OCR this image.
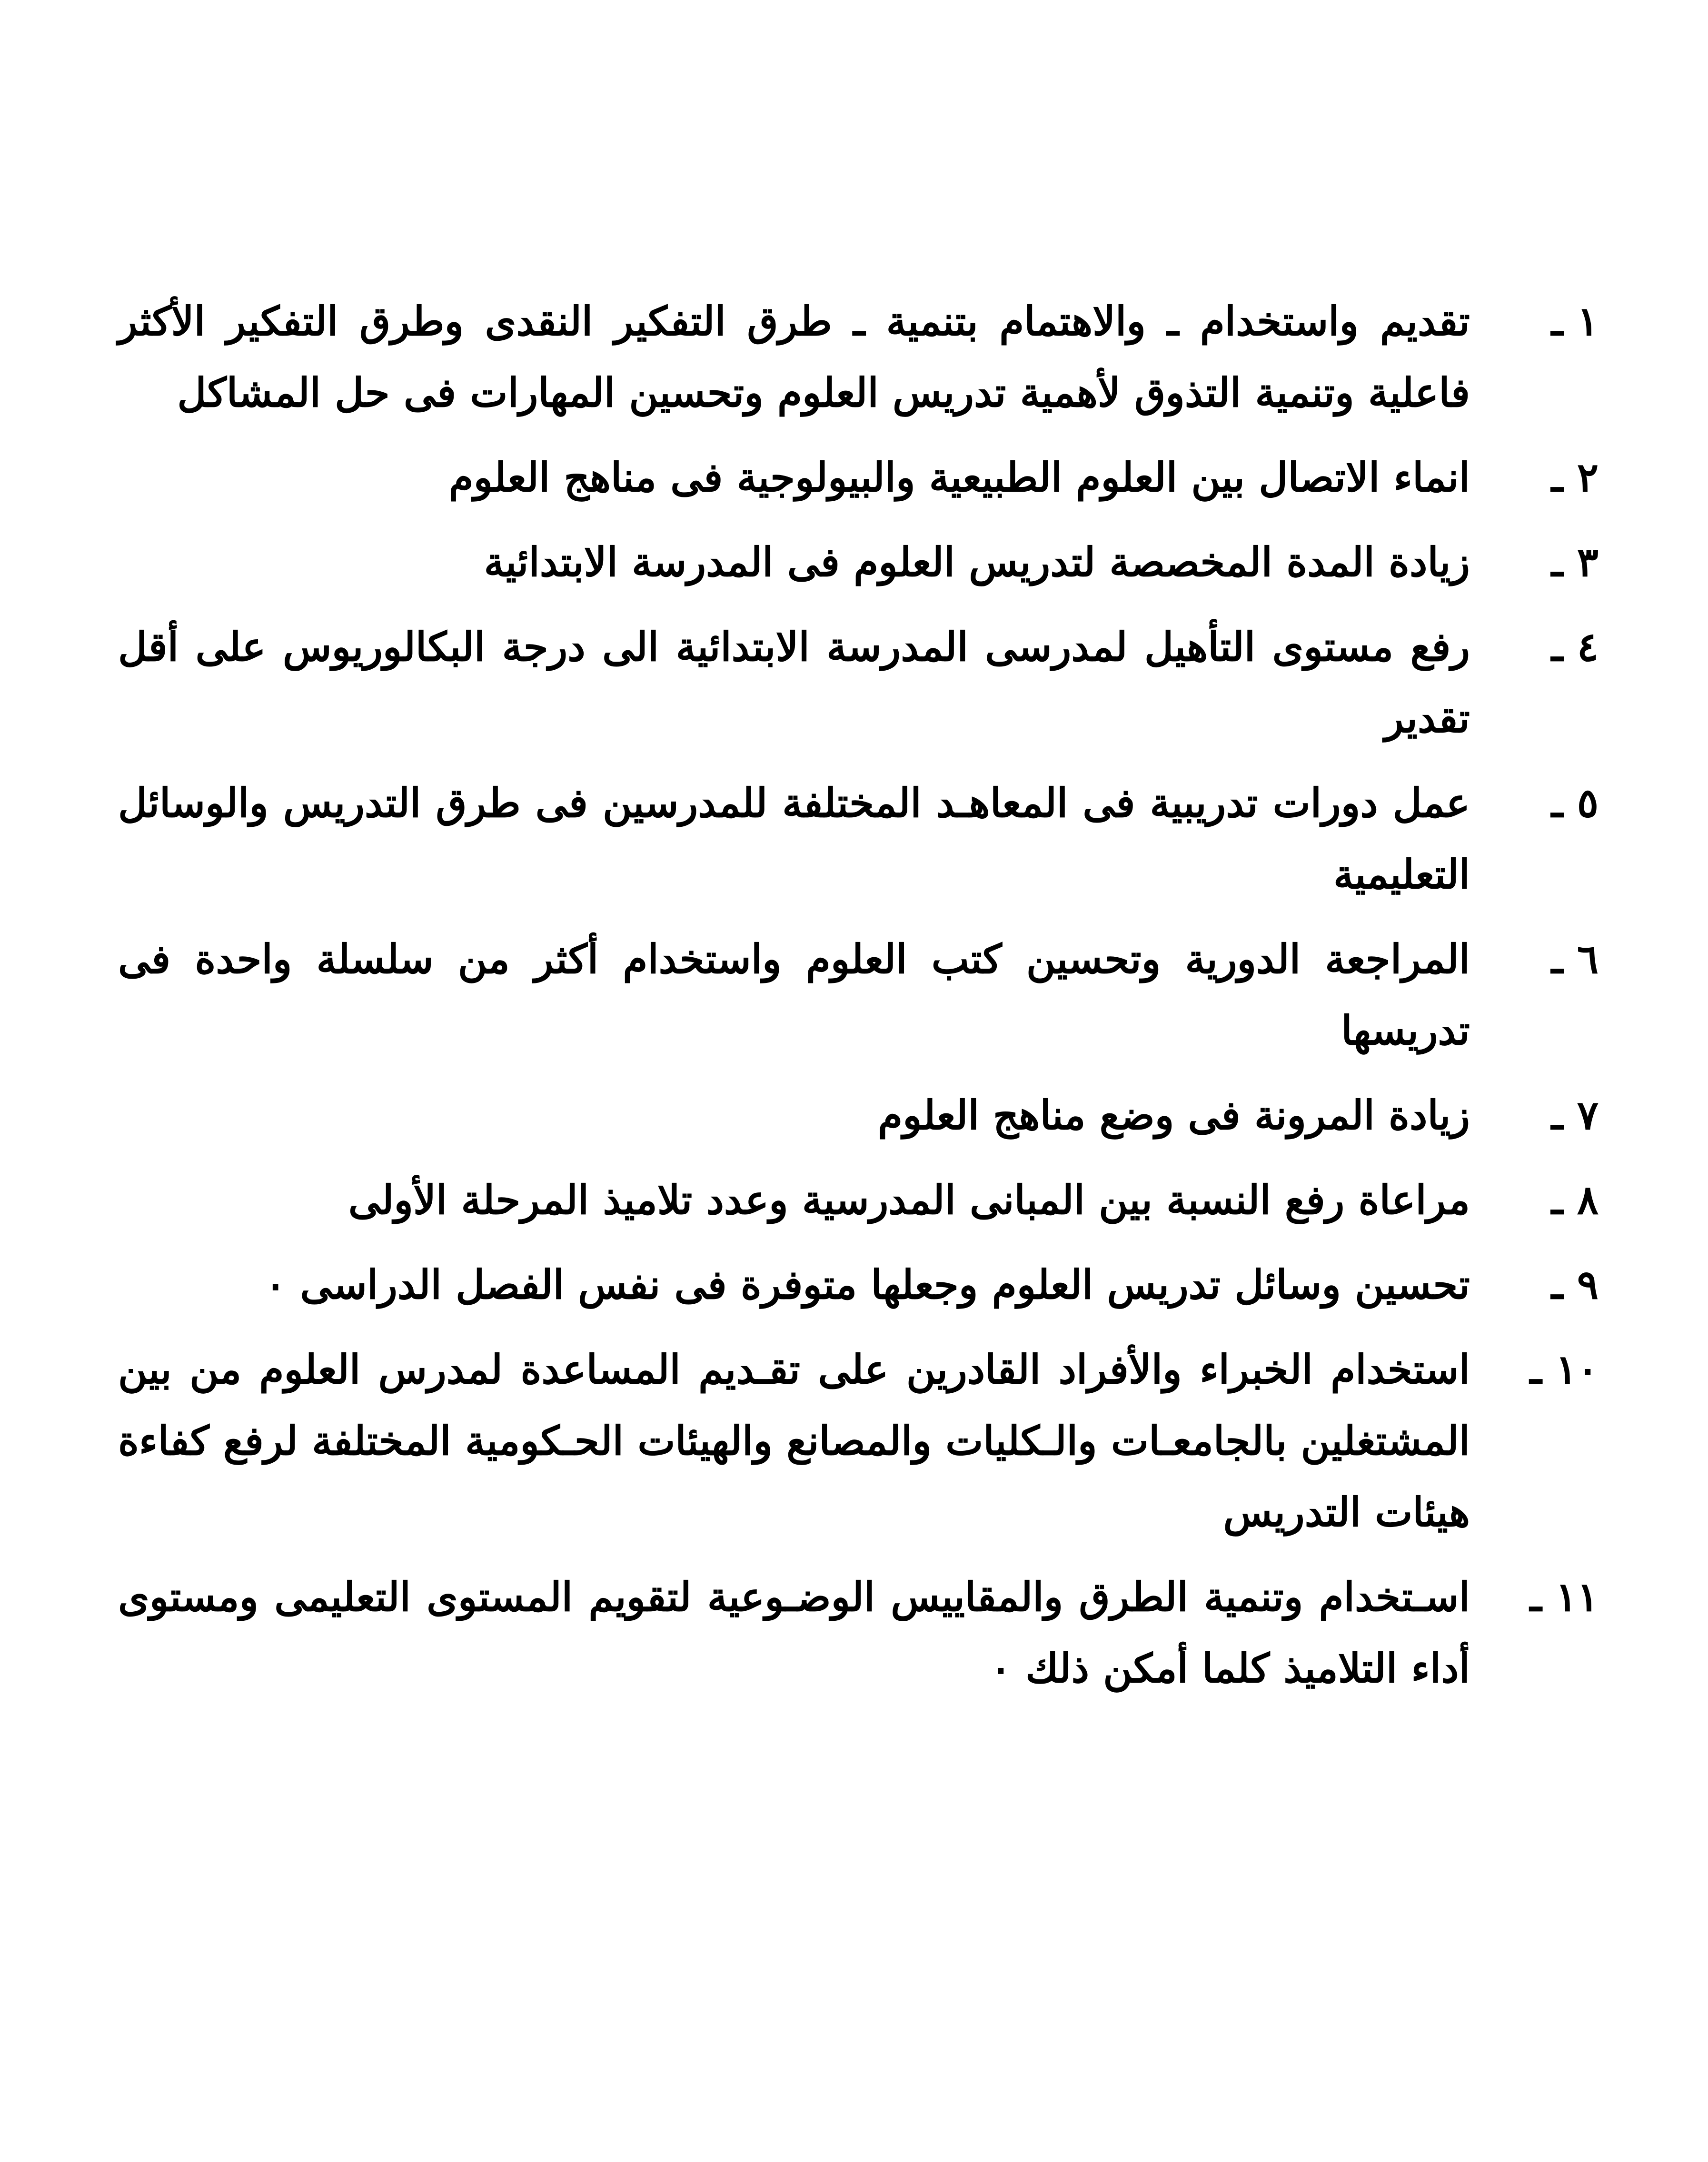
١ ـ
تقديم واستخدام ـ والاهتمام بتنمية ـ طرق التفكير النقدى وطرق التفكير الأكثر فاعلية وتنمية التذوق لأهمية تدريس العلوم وتحسين المهارات فى حل المشاكل
٢ ـ
انماء الاتصال بين العلوم الطبيعية والبيولوجية فى مناهج العلوم
٣ ـ
زيادة المدة المخصصة لتدريس العلوم فى المدرسة الابتدائية
٤ ـ
رفع مستوى التأهيل لمدرسى المدرسة الابتدائية الى درجة البكالوريوس على أقل تقدير
٥ ـ
عمل دورات تدريبية فى المعاهـد المختلفة للمدرسين فى طرق التدريس والوسائل التعليمية
٦ ـ
المراجعة الدورية وتحسين كتب العلوم واستخدام أكثر من سلسلة واحدة فى تدريسها
٧ ـ
زيادة المرونة فى وضع مناهج العلوم
٨ ـ
مراعاة رفع النسبة بين المبانى المدرسية وعدد تلاميذ المرحلة الأولى
٩ ـ
تحسين وسائل تدريس العلوم وجعلها متوفرة فى نفس الفصل الدراسى ٠
١٠ ـ
استخدام الخبراء والأفراد القادرين على تقـديم المساعدة لمدرس العلوم من بين المشتغلين بالجامعـات والـكليات والمصانع والهيئات الحـكومية المختلفة لرفع كفاءة هيئات التدريس
١١ ـ
اسـتخدام وتنمية الطرق والمقاييس الوضـوعية لتقويم المستوى التعليمى ومستوى أداء التلاميذ كلما أمكن ذلك ٠
